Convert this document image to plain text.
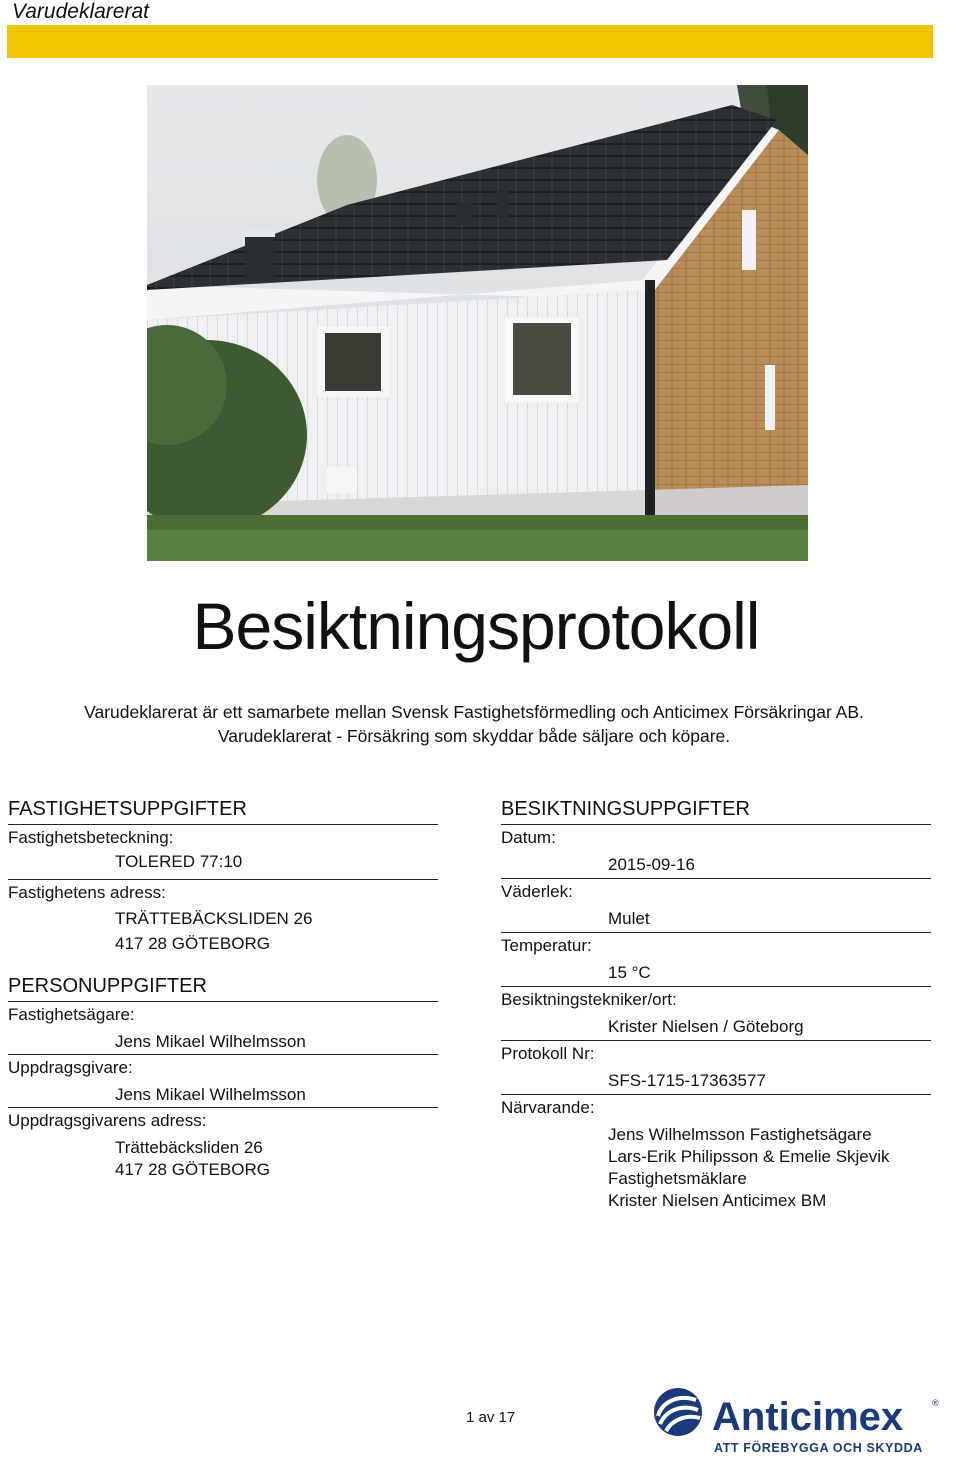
Varudeklarerat
Besiktningsprotokoll
Varudeklarerat är ett samarbete mellan Svensk Fastighetsförmedling och Anticimex Försäkringar AB.
Varudeklarerat - Försäkring som skyddar både säljare och köpare.
FASTIGHETSUPPGIFTER
Fastighetsbeteckning:
TOLERED 77:10
Fastighetens adress:
TRÄTTEBÄCKSLIDEN 26
417 28 GÖTEBORG
PERSONUPPGIFTER
Fastighetsägare:
Jens Mikael Wilhelmsson
Uppdragsgivare:
Jens Mikael Wilhelmsson
Uppdragsgivarens adress:
Trättebäcksliden 26
417 28 GÖTEBORG
BESIKTNINGSUPPGIFTER
Datum:
2015-09-16
Väderlek:
Mulet
Temperatur:
15 °C
Besiktningstekniker/ort:
Krister Nielsen / Göteborg
Protokoll Nr:
SFS-1715-17363577
Närvarande:
Jens Wilhelmsson Fastighetsägare
Lars-Erik Philipsson & Emelie Skjevik
Fastighetsmäklare
Krister Nielsen Anticimex BM
1 av 17	Anticimex	®
ATT FÖREBYGGA OCH SKYDDA
